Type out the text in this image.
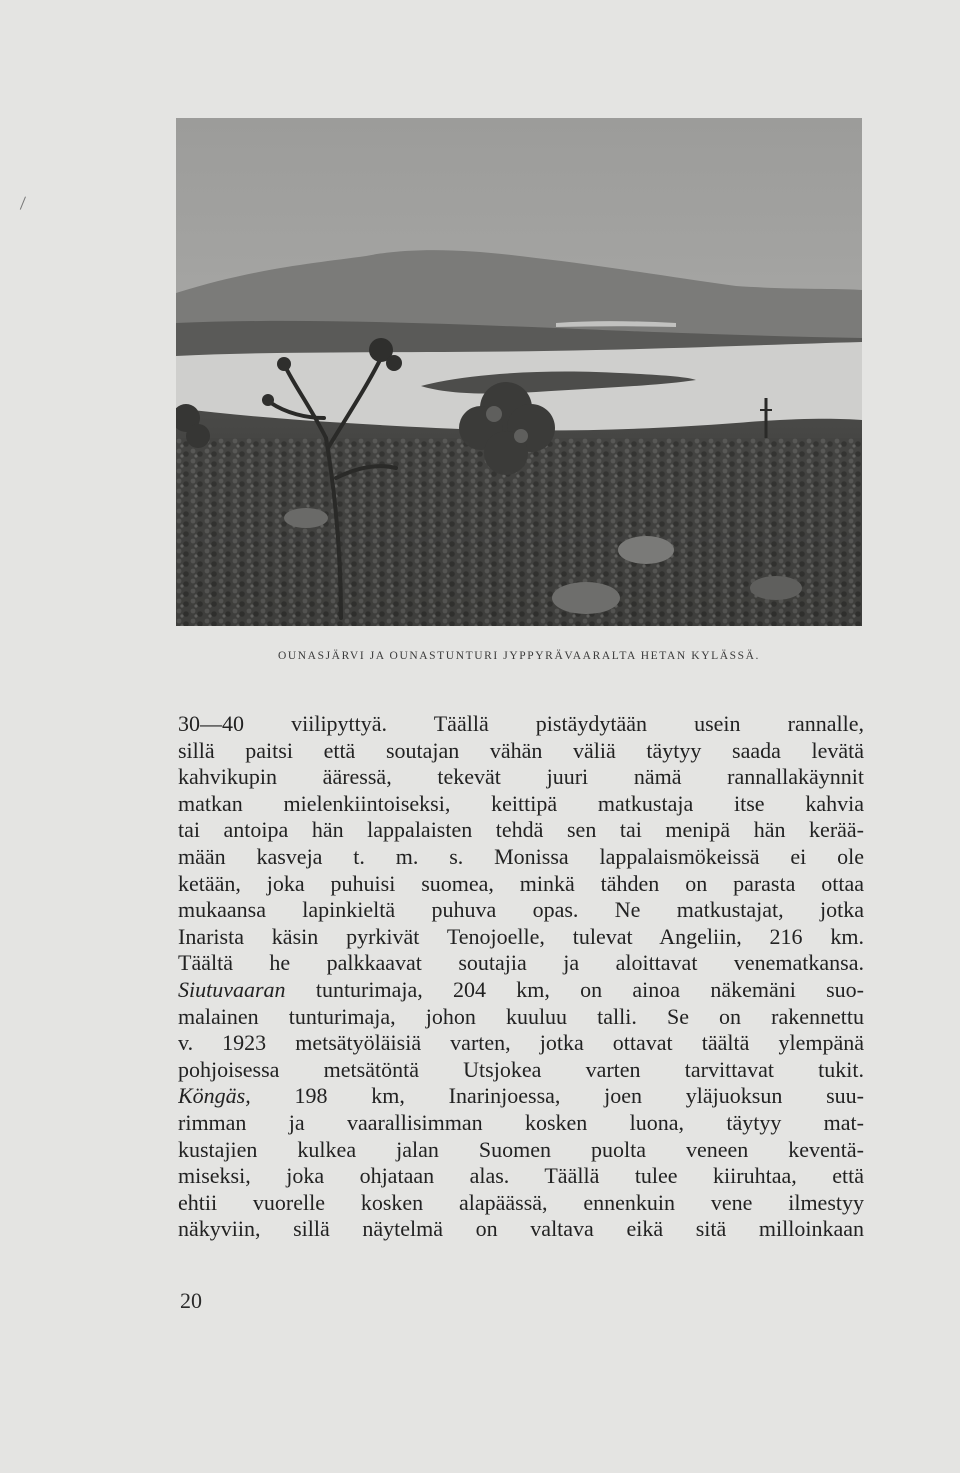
OUNASJÄRVI JA OUNASTUNTURI JYPPYRÄVAARALTA HETAN KYLÄSSÄ.
30—40 viilipyttyä. Täällä pistäydytään usein rannalle,
sillä paitsi että soutajan vähän väliä täytyy saada levätä
kahvikupin ääressä, tekevät juuri nämä rannallakäynnit
matkan mielenkiintoiseksi, keittipä matkustaja itse kahvia
tai antoipa hän lappalaisten tehdä sen tai menipä hän kerää-
mään kasveja t. m. s. Monissa lappalaismökeissä ei ole
ketään, joka puhuisi suomea, minkä tähden on parasta ottaa
mukaansa lapinkieltä puhuva opas. Ne matkustajat, jotka
Inarista käsin pyrkivät Tenojoelle, tulevat Angeliin, 216 km.
Täältä he palkkaavat soutajia ja aloittavat venematkansa.
Siutuvaaran tunturimaja, 204 km, on ainoa näkemäni suo-
malainen tunturimaja, johon kuuluu talli. Se on rakennettu
v. 1923 metsätyöläisiä varten, jotka ottavat täältä ylempänä
pohjoisessa metsätöntä Utsjokea varten tarvittavat tukit.
Köngäs, 198 km, Inarinjoessa, joen yläjuoksun suu-
rimman ja vaarallisimman kosken luona, täytyy mat-
kustajien kulkea jalan Suomen puolta veneen keventä-
miseksi, joka ohjataan alas. Täällä tulee kiiruhtaa, että
ehtii vuorelle kosken alapäässä, ennenkuin vene ilmestyy
näkyviin, sillä näytelmä on valtava eikä sitä milloinkaan
20
